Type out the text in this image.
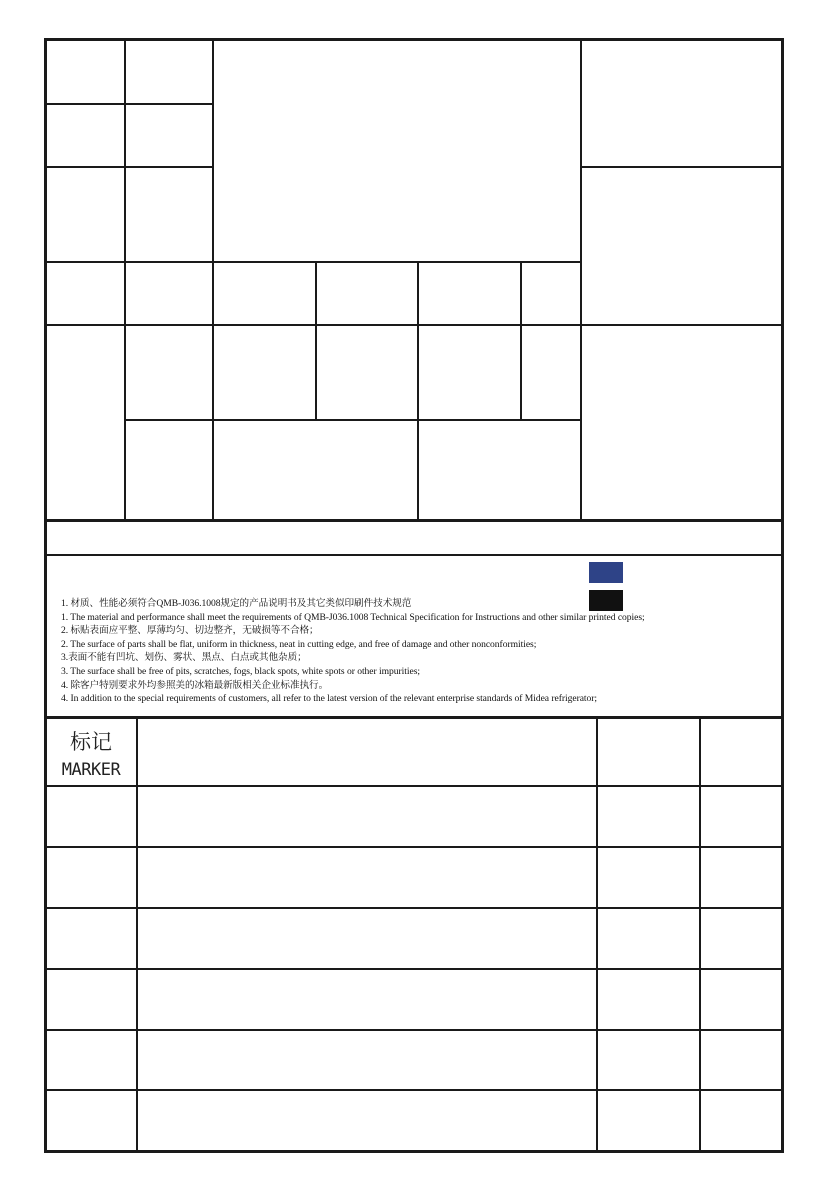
1. 材质、性能必须符合QMB-J036.1008规定的产品说明书及其它类似印刷件技术规范
1. The material and performance shall meet the requirements of QMB-J036.1008 Technical Specification for Instructions and other similar printed copies;
2. 标贴表面应平整、厚薄均匀、切边整齐，无破损等不合格；
2. The surface of parts shall be flat, uniform in thickness, neat in cutting edge, and free of damage and other nonconformities;
3.表面不能有凹坑、划伤、雾状、黑点、白点或其他杂质；
3. The surface shall be free of pits, scratches, fogs, black spots, white spots or other impurities;
4. 除客户特别要求外均参照美的冰箱最新版相关企业标准执行。
4. In addition to the special requirements of customers, all refer to the latest version of the relevant enterprise standards of Midea refrigerator;
标记
MARKER
